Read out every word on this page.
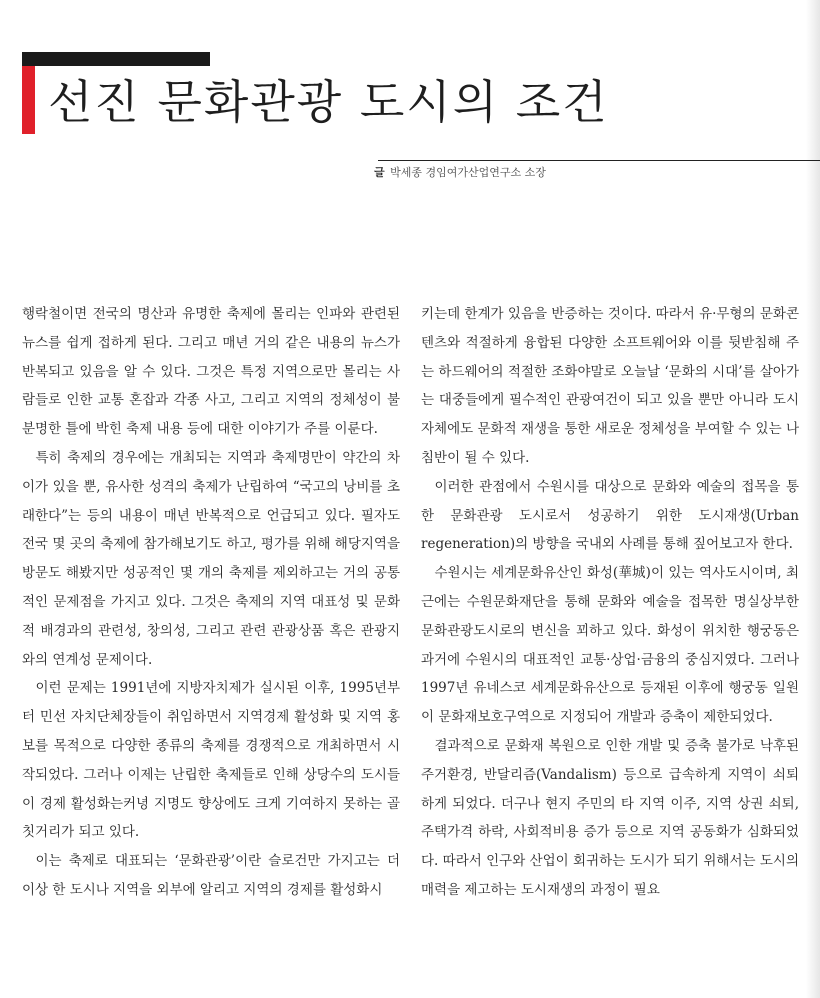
선진 문화관광 도시의 조건
글 박세종 경임여가산업연구소 소장

행락철이면 전국의 명산과 유명한 축제에 몰리는 인파와 관련된 뉴스를 쉽게 접하게 된다. 그리고 매년 거의 같은 내용의 뉴스가 반복되고 있음을 알 수 있다. 그것은 특정 지역으로만 몰리는 사람들로 인한 교통 혼잡과 각종 사고, 그리고 지역의 정체성이 불분명한 틀에 박힌 축제 내용 등에 대한 이야기가 주를 이룬다.

특히 축제의 경우에는 개최되는 지역과 축제명만이 약간의 차이가 있을 뿐, 유사한 성격의 축제가 난립하여 “국고의 낭비를 초래한다”는 등의 내용이 매년 반복적으로 언급되고 있다. 필자도 전국 몇 곳의 축제에 참가해보기도 하고, 평가를 위해 해당지역을 방문도 해봤지만 성공적인 몇 개의 축제를 제외하고는 거의 공통적인 문제점을 가지고 있다. 그것은 축제의 지역 대표성 및 문화적 배경과의 관련성, 창의성, 그리고 관련 관광상품 혹은 관광지와의 연계성 문제이다.

이런 문제는 1991년에 지방자치제가 실시된 이후, 1995년부터 민선 자치단체장들이 취임하면서 지역경제 활성화 및 지역 홍보를 목적으로 다양한 종류의 축제를 경쟁적으로 개최하면서 시작되었다. 그러나 이제는 난립한 축제들로 인해 상당수의 도시들이 경제 활성화는커녕 지명도 향상에도 크게 기여하지 못하는 골칫거리가 되고 있다.

이는 축제로 대표되는 ‘문화관광’이란 슬로건만 가지고는 더 이상 한 도시나 지역을 외부에 알리고 지역의 경제를 활성화시

키는데 한계가 있음을 반증하는 것이다. 따라서 유·무형의 문화콘텐츠와 적절하게 융합된 다양한 소프트웨어와 이를 뒷받침해 주는 하드웨어의 적절한 조화야말로 오늘날 ‘문화의 시대’를 살아가는 대중들에게 필수적인 관광여건이 되고 있을 뿐만 아니라 도시 자체에도 문화적 재생을 통한 새로운 정체성을 부여할 수 있는 나침반이 될 수 있다.

이러한 관점에서 수원시를 대상으로 문화와 예술의 접목을 통한 문화관광 도시로서 성공하기 위한 도시재생(Urban regeneration)의 방향을 국내외 사례를 통해 짚어보고자 한다.

수원시는 세계문화유산인 화성(華城)이 있는 역사도시이며, 최근에는 수원문화재단을 통해 문화와 예술을 접목한 명실상부한 문화관광도시로의 변신을 꾀하고 있다. 화성이 위치한 행궁동은 과거에 수원시의 대표적인 교통·상업·금융의 중심지였다. 그러나 1997년 유네스코 세계문화유산으로 등재된 이후에 행궁동 일원이 문화재보호구역으로 지정되어 개발과 증축이 제한되었다.

결과적으로 문화재 복원으로 인한 개발 및 증축 불가로 낙후된 주거환경, 반달리즘(Vandalism) 등으로 급속하게 지역이 쇠퇴 하게 되었다. 더구나 현지 주민의 타 지역 이주, 지역 상권 쇠퇴, 주택가격 하락, 사회적비용 증가 등으로 지역 공동화가 심화되었다. 따라서 인구와 산업이 회귀하는 도시가 되기 위해서는 도시의 매력을 제고하는 도시재생의 과정이 필요
